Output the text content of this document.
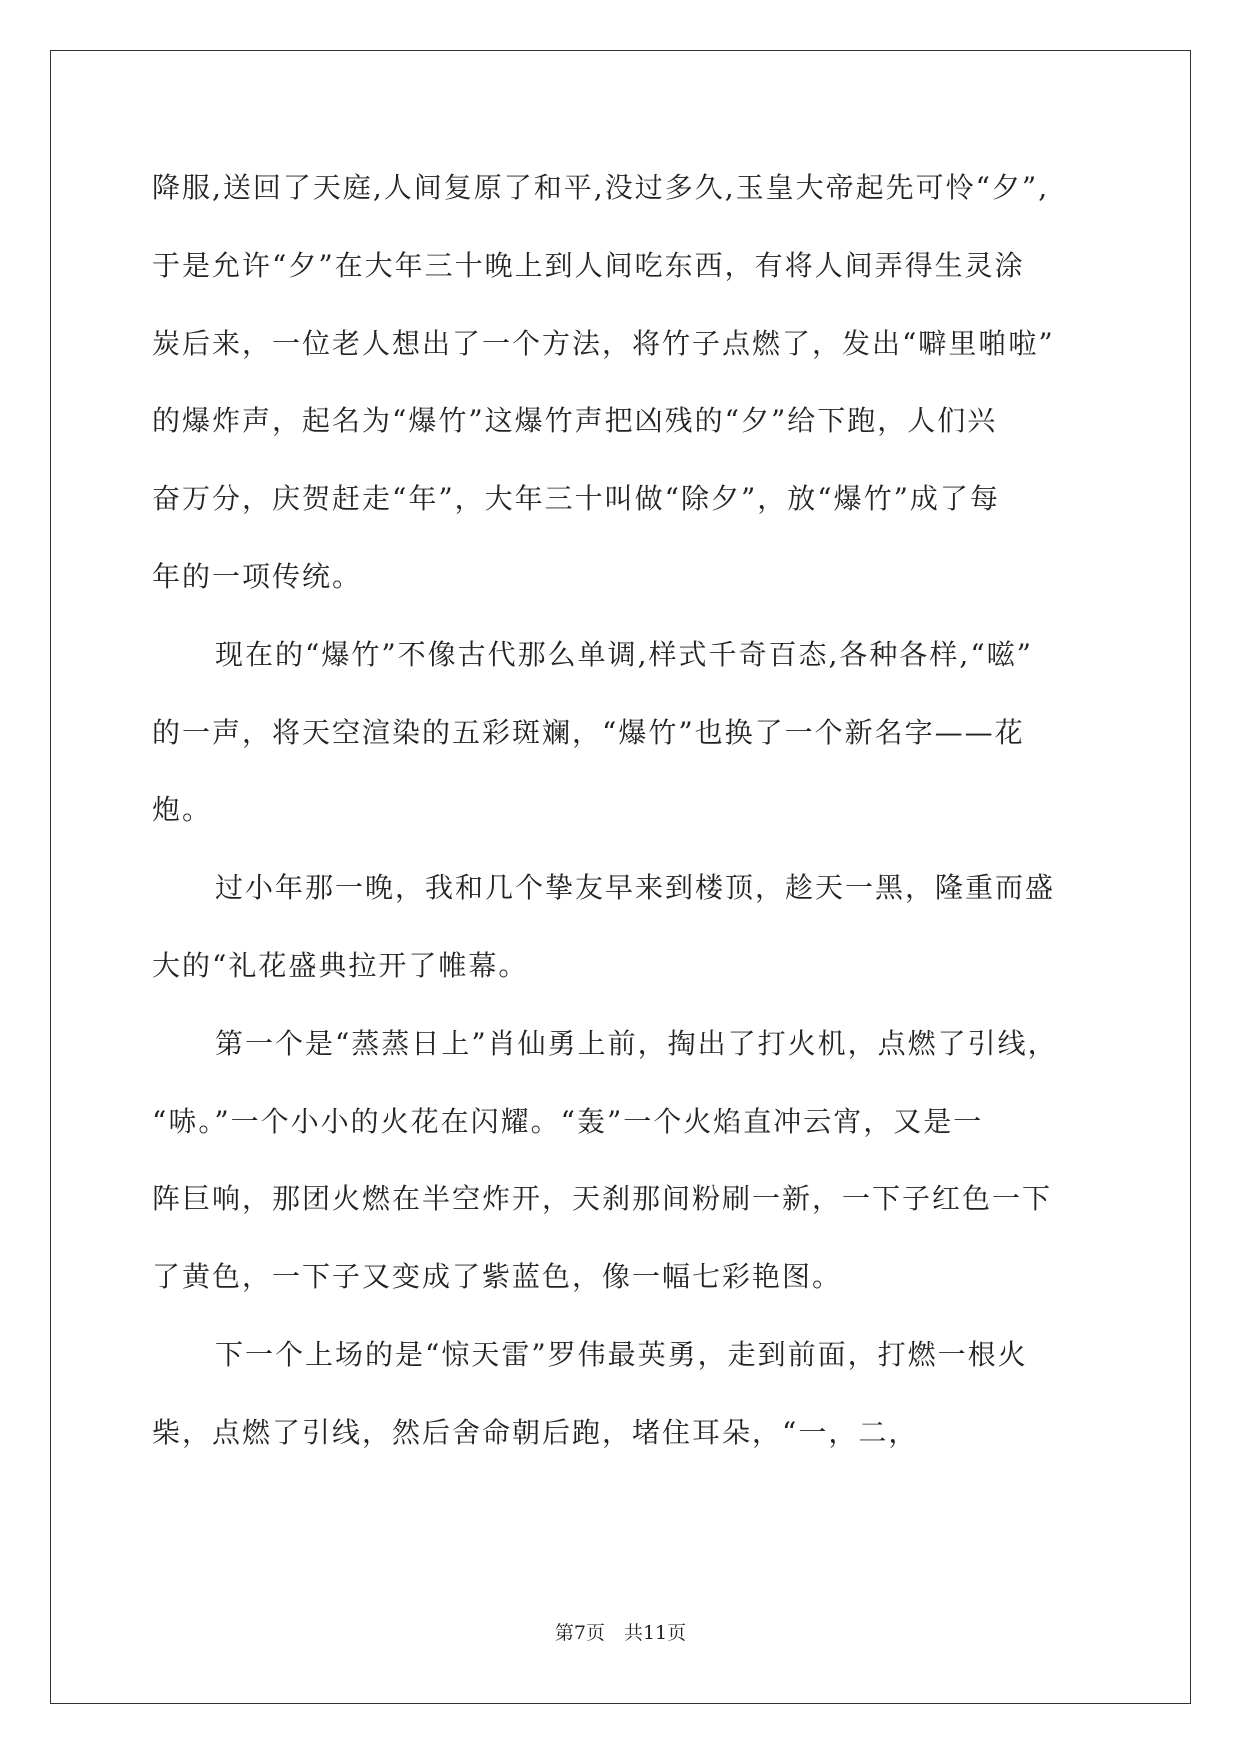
降服,送回了天庭,人间复原了和平,没过多久,玉皇大帝起先可怜“夕”,
于是允许“夕”在大年三十晚上到人间吃东西，有将人间弄得生灵涂
炭后来，一位老人想出了一个方法，将竹子点燃了，发出“噼里啪啦”
的爆炸声，起名为“爆竹”这爆竹声把凶残的“夕”给下跑，人们兴
奋万分，庆贺赶走“年”，大年三十叫做“除夕”，放“爆竹”成了每
年的一项传统。
现在的“爆竹”不像古代那么单调,样式千奇百态,各种各样,“嗞”
的一声，将天空渲染的五彩斑斓，“爆竹”也换了一个新名字——花
炮。
过小年那一晚，我和几个挚友早来到楼顶，趁天一黑，隆重而盛
大的“礼花盛典拉开了帷幕。
第一个是“蒸蒸日上”肖仙勇上前，掏出了打火机，点燃了引线，
“哧。”一个小小的火花在闪耀。“轰”一个火焰直冲云宵，又是一
阵巨响，那团火燃在半空炸开，天刹那间粉刷一新，一下子红色一下
了黄色，一下子又变成了紫蓝色，像一幅七彩艳图。
下一个上场的是“惊天雷”罗伟最英勇，走到前面，打燃一根火
柴，点燃了引线，然后舍命朝后跑，堵住耳朵，“一，二，
第7页　共11页
